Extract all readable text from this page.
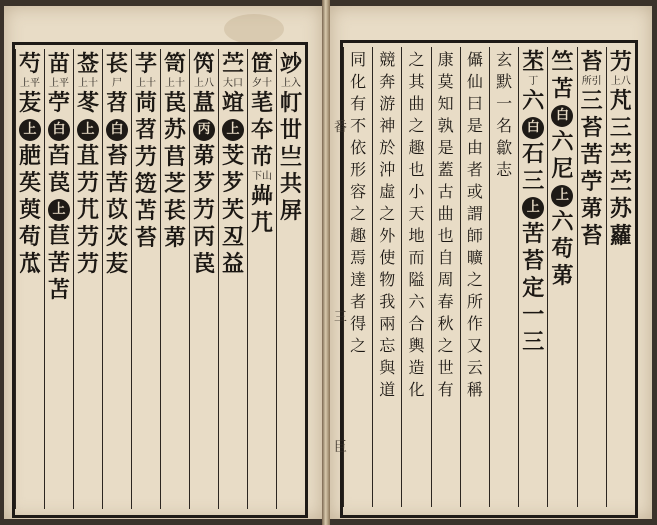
竗
上入
帄
丗
亗
共
屏
笸
夕十
芼
夲
芇
下山
芔
芁
苎
大口
竩
上
芠
芕
芖
丒
益
笍
上八
蒀
丙
苐
芕
芀
丙
苠
笥
上十
苠
苏
苢
芝
苌
苐
芓
上十
苘
苕
芀
笾
苫
苔
苌
尸
苕
白
苔
苦
苡
苂
苃
莶
上十
苳
上
苴
芀
芁
芀
芀
苗
上平
苧
白
苩
苠
上
苣
苦
苫
芍
上平
苃
上
萉
苵
萸
苟
苽
芀
上八
芃
三
苎
苎
苏
蘿
苔
所引
三
苔
苦
苧
苐
苔
竺
苫
白
六
尼
上
六
苟
苐
苤
丁
六
白
石
三
上
苦
苔
定
一
三
玄
默
一
名
歙
志
㒤
仙
曰
是
由
者
或
謂
師
曠
之
所
作
又
云
稱
康
莫
知
孰
是
蓋
古
曲
也
自
周
春
秋
之
世
有
之
其
曲
之
趣
也
小
天
地
而
隘
六
合
輿
造
化
競
奔
游
神
於
沖
虛
之
外
使
物
我
兩
忘
與
道
同
化
有
不
依
形
容
之
趣
焉
達
者
得
之
番
三
巨
